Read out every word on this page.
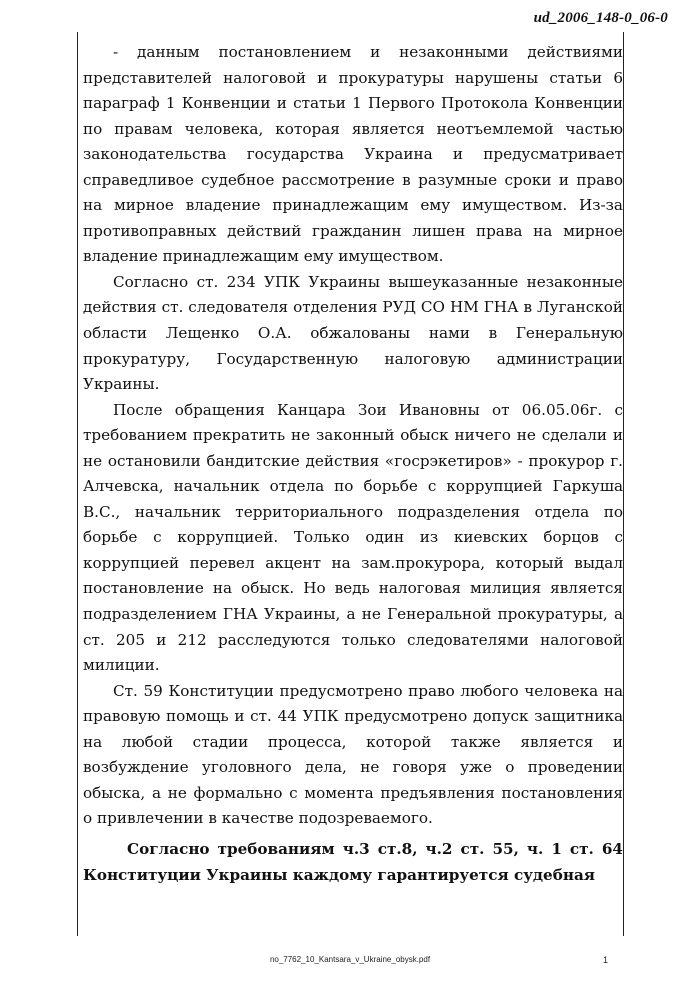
ud_2006_148-0_06-0

- данным постановлением и незаконными действиями представителей налоговой и прокуратуры нарушены статьи 6 параграф 1 Конвенции и статьи 1 Первого Протокола Конвенции по правам человека, которая является неотъемлемой частью законодательства государства Украина и предусматривает справедливое судебное рассмотрение в разумные сроки и право на мирное владение принадлежащим ему имуществом. Из-за противоправных действий гражданин лишен права на мирное владение принадлежащим ему имуществом.

Согласно ст. 234 УПК Украины вышеуказанные незаконные действия ст. следователя отделения РУД СО НМ ГНА в Луганской области Лещенко О.А. обжалованы нами в Генеральную прокуратуру, Государственную налоговую администрации Украины.

После обращения Канцара Зои Ивановны от 06.05.06г. с требованием прекратить не законный обыск ничего не сделали и не остановили бандитские действия «госрэкетиров» - прокурор г. Алчевска, начальник отдела по борьбе с коррупцией Гаркуша В.С., начальник территориального подразделения отдела по борьбе с коррупцией. Только один из киевских борцов с коррупцией перевел акцент на зам.прокурора, который выдал постановление на обыск. Но ведь налоговая милиция является подразделением ГНА Украины, а не Генеральной прокуратуры, а ст. 205 и 212 расследуются только следователями налоговой милиции.

Ст. 59 Конституции предусмотрено право любого человека на правовую помощь и ст. 44 УПК предусмотрено допуск защитника на любой стадии процесса, которой также является и возбуждение уголовного дела, не говоря уже о проведении обыска, а не формально с момента предъявления постановления о привлечении в качестве подозреваемого.

Согласно требованиям ч.3 ст.8, ч.2 ст. 55, ч. 1 ст. 64 Конституции Украины каждому гарантируется судебная

no_7762_10_Kantsara_v_Ukraine_obysk.pdf	1
